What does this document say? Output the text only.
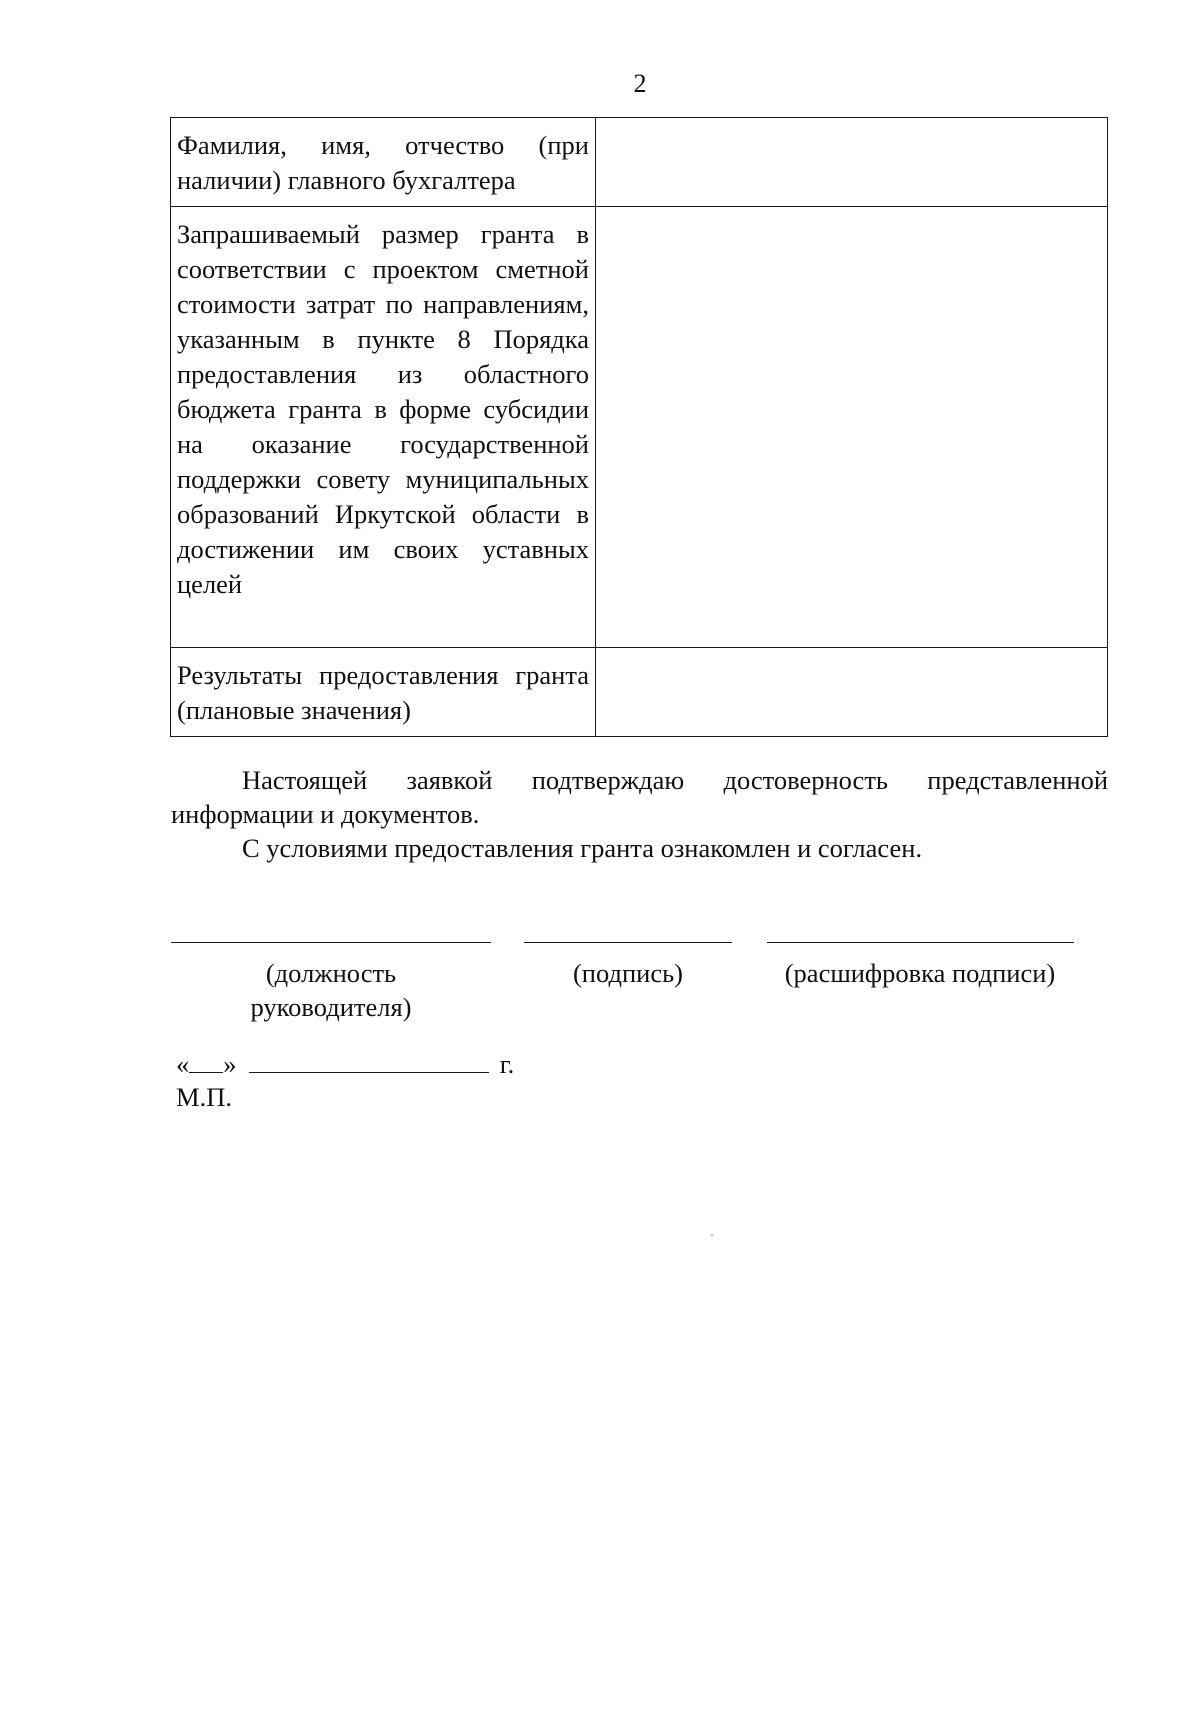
2
Фамилия, имя, отчество (при наличии) главного бухгалтера	
Запрашиваемый размер гранта в соответствии с проектом сметной стоимости затрат по направлениям, указанным в пункте 8 Порядка предоставления из областного бюджета гранта в форме субсидии на оказание государственной поддержки совету муниципальных образований Иркутской области в достижении им своих уставных целей	
Результаты предоставления гранта (плановые значения)	
Настоящей заявкой подтверждаю достоверность представленной информации и документов.
С условиями предоставления гранта ознакомлен и согласен.
(должность руководителя)
(подпись)	(расшифровка подписи)
« »	г.
М.П.
